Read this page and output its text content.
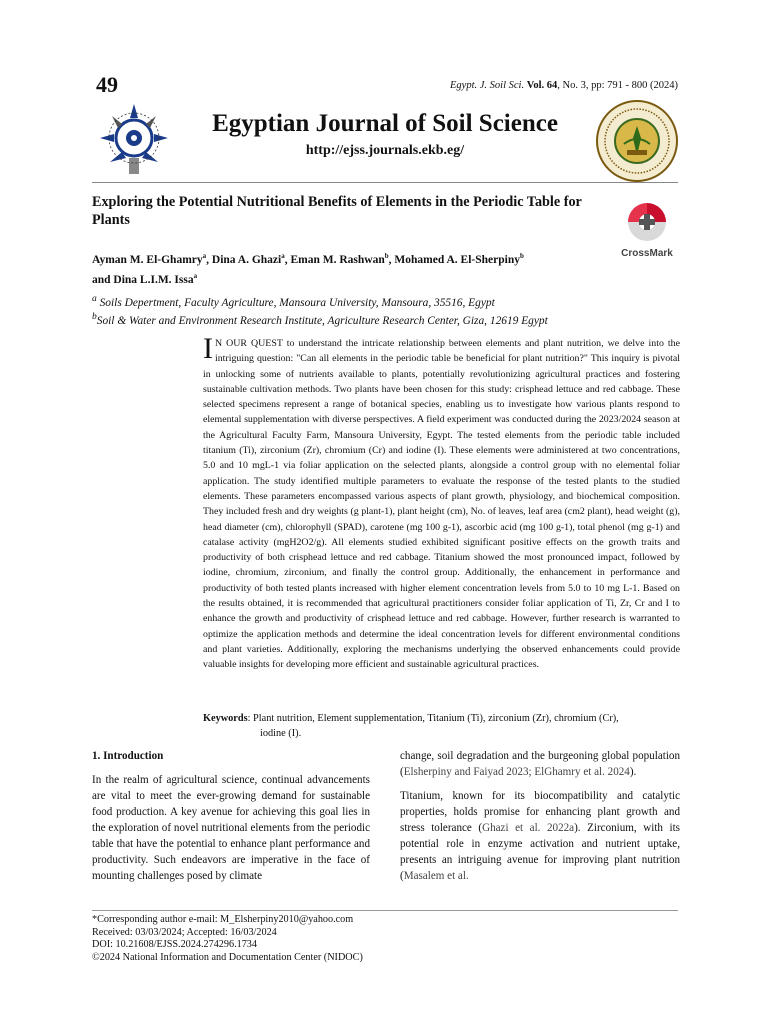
49	Egypt. J. Soil Sci. Vol. 64, No. 3, pp: 791 - 800 (2024)
Egyptian Journal of Soil Science
http://ejss.journals.ekb.eg/
Exploring the Potential Nutritional Benefits of Elements in the Periodic Table for Plants
CrossMark
Ayman M. El-Ghamry$^a$, Dina A. Ghazi$^a$, Eman M. Rashwan$^b$, Mohamed A. El-Sherpiny$^b$
and Dina L.I.M. Issa$^a$
$^a$ Soils Depertment, Faculty Agriculture, Mansoura University, Mansoura, 35516, Egypt
$^b$Soil & Water and Environment Research Institute, Agriculture Research Center, Giza, 12619 Egypt
I N OUR QUEST to understand the intricate relationship between elements and plant nutrition, we delve into the intriguing question: "Can all elements in the periodic table be beneficial for plant nutrition?" This inquiry is pivotal in unlocking some of nutrients available to plants, potentially revolutionizing agricultural practices and fostering sustainable cultivation methods. Two plants have been chosen for this study: crisphead lettuce and red cabbage. These selected specimens represent a range of botanical species, enabling us to investigate how various plants respond to elemental supplementation with diverse perspectives. A field experiment was conducted during the 2023/2024 season at the Agricultural Faculty Farm, Mansoura University, Egypt. The tested elements from the periodic table included titanium (Ti), zirconium (Zr), chromium (Cr) and iodine (I). These elements were administered at two concentrations, 5.0 and 10 mgL-1 via foliar application on the selected plants, alongside a control group with no elemental foliar application. The study identified multiple parameters to evaluate the response of the tested plants to the studied elements. These parameters encompassed various aspects of plant growth, physiology, and biochemical composition. They included fresh and dry weights (g plant-1), plant height (cm), No. of leaves, leaf area (cm2 plant), head weight (g), head diameter (cm), chlorophyll (SPAD), carotene (mg 100 g-1), ascorbic acid (mg 100 g-1), total phenol (mg g-1) and catalase activity (mgH2O2/g). All elements studied exhibited significant positive effects on the growth traits and productivity of both crisphead lettuce and red cabbage. Titanium showed the most pronounced impact, followed by iodine, chromium, zirconium, and finally the control group. Additionally, the enhancement in performance and productivity of both tested plants increased with higher element concentration levels from 5.0 to 10 mg L-1. Based on the results obtained, it is recommended that agricultural practitioners consider foliar application of Ti, Zr, Cr and I to enhance the growth and productivity of crisphead lettuce and red cabbage. However, further research is warranted to optimize the application methods and determine the ideal concentration levels for different environmental conditions and plant varieties. Additionally, exploring the mechanisms underlying the observed enhancements could provide valuable insights for developing more efficient and sustainable agricultural practices.
Keywords: Plant nutrition, Element supplementation, Titanium (Ti), zirconium (Zr), chromium (Cr),
iodine (I).
1. Introduction
In the realm of agricultural science, continual advancements are vital to meet the ever-growing demand for sustainable food production. A key avenue for achieving this goal lies in the exploration of novel nutritional elements from the periodic table that have the potential to enhance plant performance and productivity. Such endeavors are imperative in the face of mounting challenges posed by climate
change, soil degradation and the burgeoning global population (Elsherpiny and Faiyad 2023; ElGhamry et al. 2024).
Titanium, known for its biocompatibility and catalytic properties, holds promise for enhancing plant growth and stress tolerance (Ghazi et al. 2022a). Zirconium, with its potential role in enzyme activation and nutrient uptake, presents an intriguing avenue for improving plant nutrition (Masalem et al.
*Corresponding author e-mail: M_Elsherpiny2010@yahoo.com
Received: 03/03/2024; Accepted: 16/03/2024
DOI: 10.21608/EJSS.2024.274296.1734
©2024 National Information and Documentation Center (NIDOC)
